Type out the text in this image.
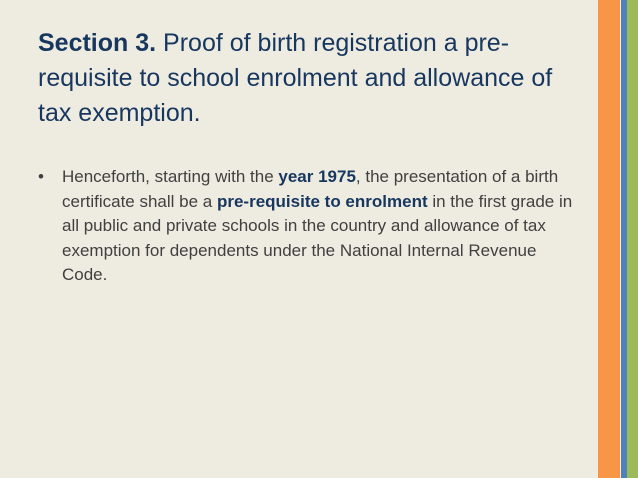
Section 3. Proof of birth registration a pre-requisite to school enrolment and allowance of tax exemption.
•	Henceforth, starting with the year 1975, the presentation of a birth certificate shall be a pre-requisite to enrolment in the first grade in all public and private schools in the country and allowance of tax exemption for dependents under the National Internal Revenue Code.
